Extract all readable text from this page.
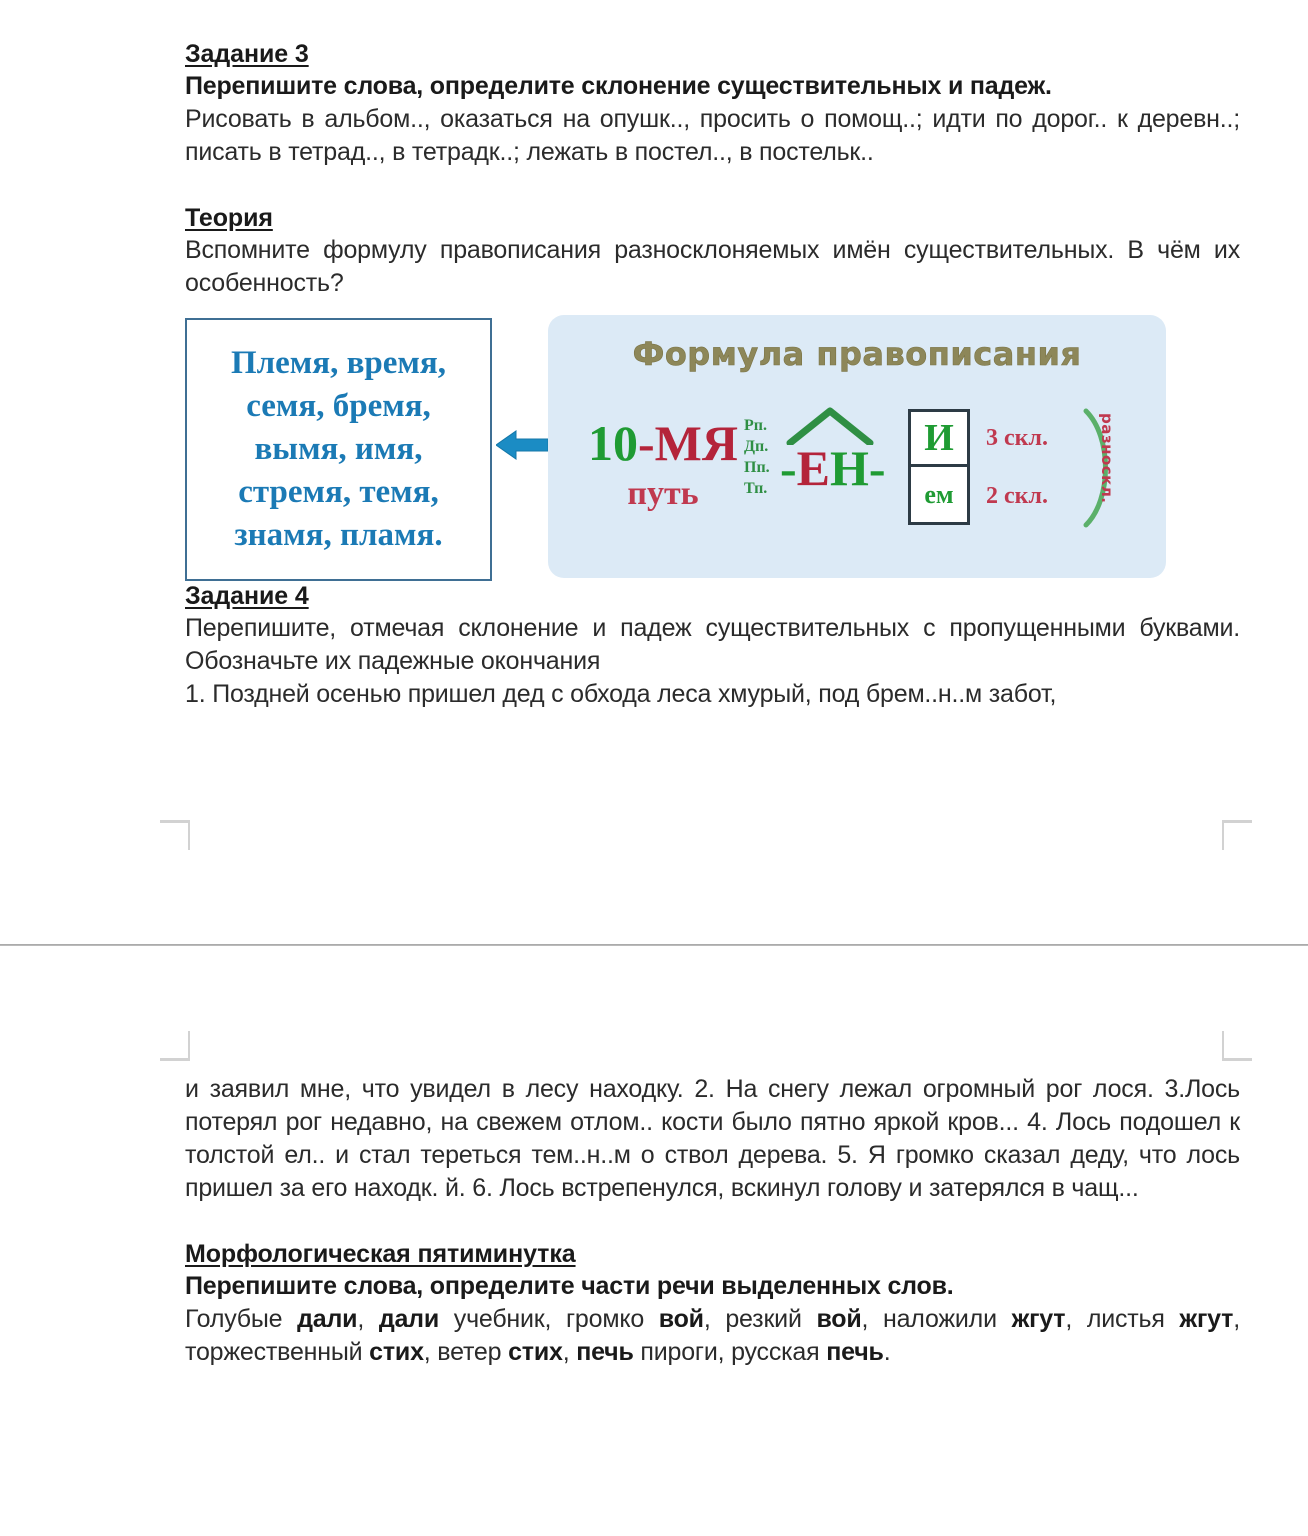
Задание 3

Перепишите слова, определите склонение существительных и падеж.

Рисовать в альбом.., оказаться на опушк.., просить о помощ..; идти по дорог.. к деревн..; писать в тетрад.., в тетрадк..; лежать в постел.., в постельк..

Теория

Вспомните формулу правописания разносклоняемых имён существительных. В чём их особенность?

Племя, время,
семя, бремя,
вымя, имя,
стремя, темя,
знамя, пламя.
Формула правописания
10-МЯ
путь
Рп.
Дп.
Пп.
Тп. -ЕН-
И
ем
3 скл.
2 скл.	разноскл.
Задание 4

Перепишите, отмечая склонение и падеж существительных с пропущенными буквами. Обозначьте их падежные окончания

1. Поздней осенью пришел дед с обхода леса хмурый, под брем..н..м забот,

и заявил мне, что увидел в лесу находку. 2. На снегу лежал огромный рог лося. 3.Лось потерял рог недавно, на свежем отлом.. кости было пятно яркой кров... 4. Лось подошел к толстой ел.. и стал тереться тем..н..м о ствол дерева. 5. Я громко сказал деду, что лось пришел за его находк. й. 6. Лось встрепенулся, вскинул голову и затерялся в чащ...

Морфологическая пятиминутка

Перепишите слова, определите части речи выделенных слов.

Голубые дали, дали учебник, громко вой, резкий вой, наложили жгут, листья жгут, торжественный стих, ветер стих, печь пироги, русская печь.
